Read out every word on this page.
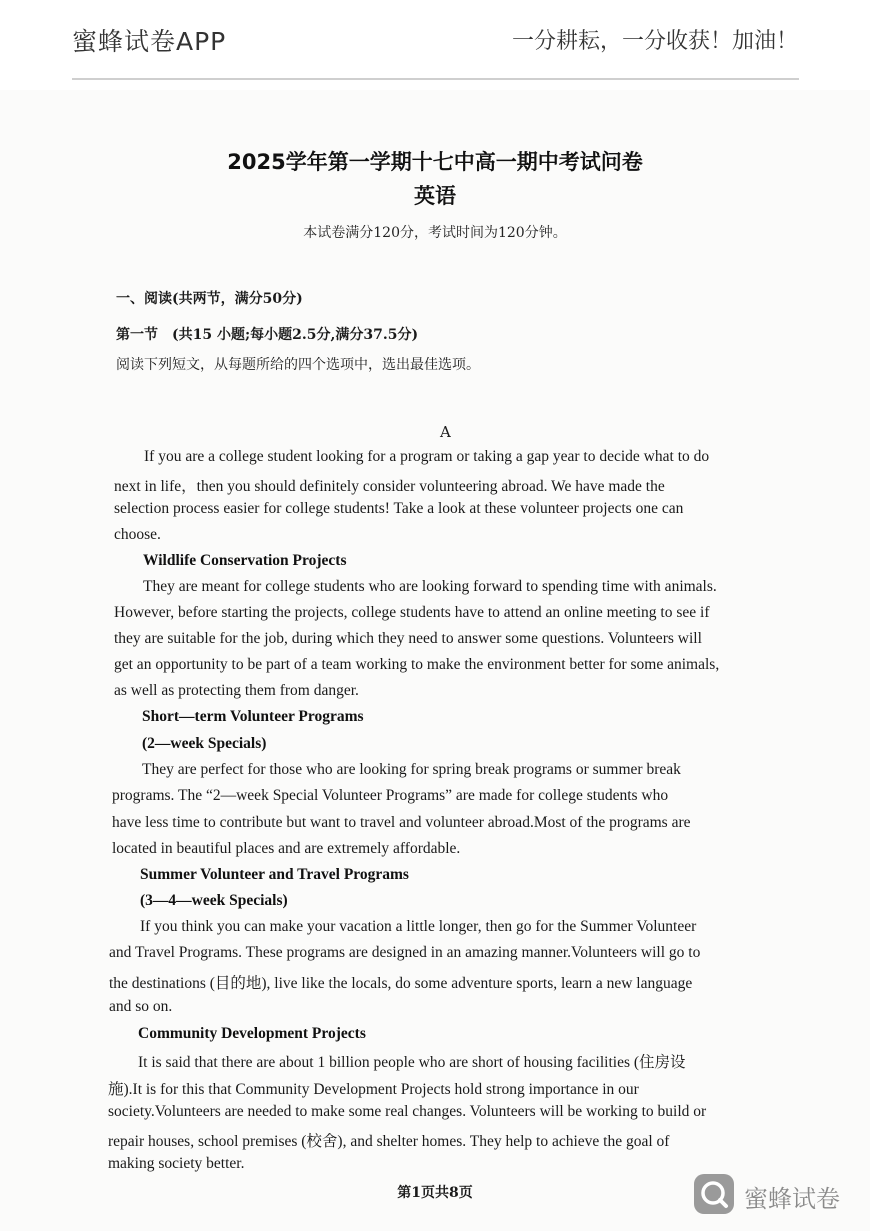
蜜蜂试卷APP	一分耕耘，一分收获！加油！
2025学年第一学期十七中高一期中考试问卷
英语
本试卷满分120分，考试时间为120分钟。
一、阅读(共两节，满分50分)
第一节　(共15 小题;每小题2.5分,满分37.5分)
阅读下列短文，从每题所给的四个选项中，选出最佳选项。
A
If you are a college student looking for a program or taking a gap year to decide what to do
next in life，then you should definitely consider volunteering abroad. We have made the
selection process easier for college students! Take a look at these volunteer projects one can
choose.
Wildlife Conservation Projects
They are meant for college students who are looking forward to spending time with animals.
However, before starting the projects, college students have to attend an online meeting to see if
they are suitable for the job, during which they need to answer some questions. Volunteers will
get an opportunity to be part of a team working to make the environment better for some animals,
as well as protecting them from danger.
Short—term Volunteer Programs
(2—week Specials)
They are perfect for those who are looking for spring break programs or summer break
programs. The “2—week Special Volunteer Programs” are made for college students who
have less time to contribute but want to travel and volunteer abroad.Most of the programs are
located in beautiful places and are extremely affordable.
Summer Volunteer and Travel Programs
(3—4—week Specials)
If you think you can make your vacation a little longer, then go for the Summer Volunteer
and Travel Programs. These programs are designed in an amazing manner.Volunteers will go to
the destinations (目的地), live like the locals, do some adventure sports, learn a new language
and so on.
Community Development Projects
It is said that there are about 1 billion people who are short of housing facilities (住房设
施).It is for this that Community Development Projects hold strong importance in our
society.Volunteers are needed to make some real changes. Volunteers will be working to build or
repair houses, school premises (校舍), and shelter homes. They help to achieve the goal of
making society better.
第1页共8页	蜜蜂试卷
